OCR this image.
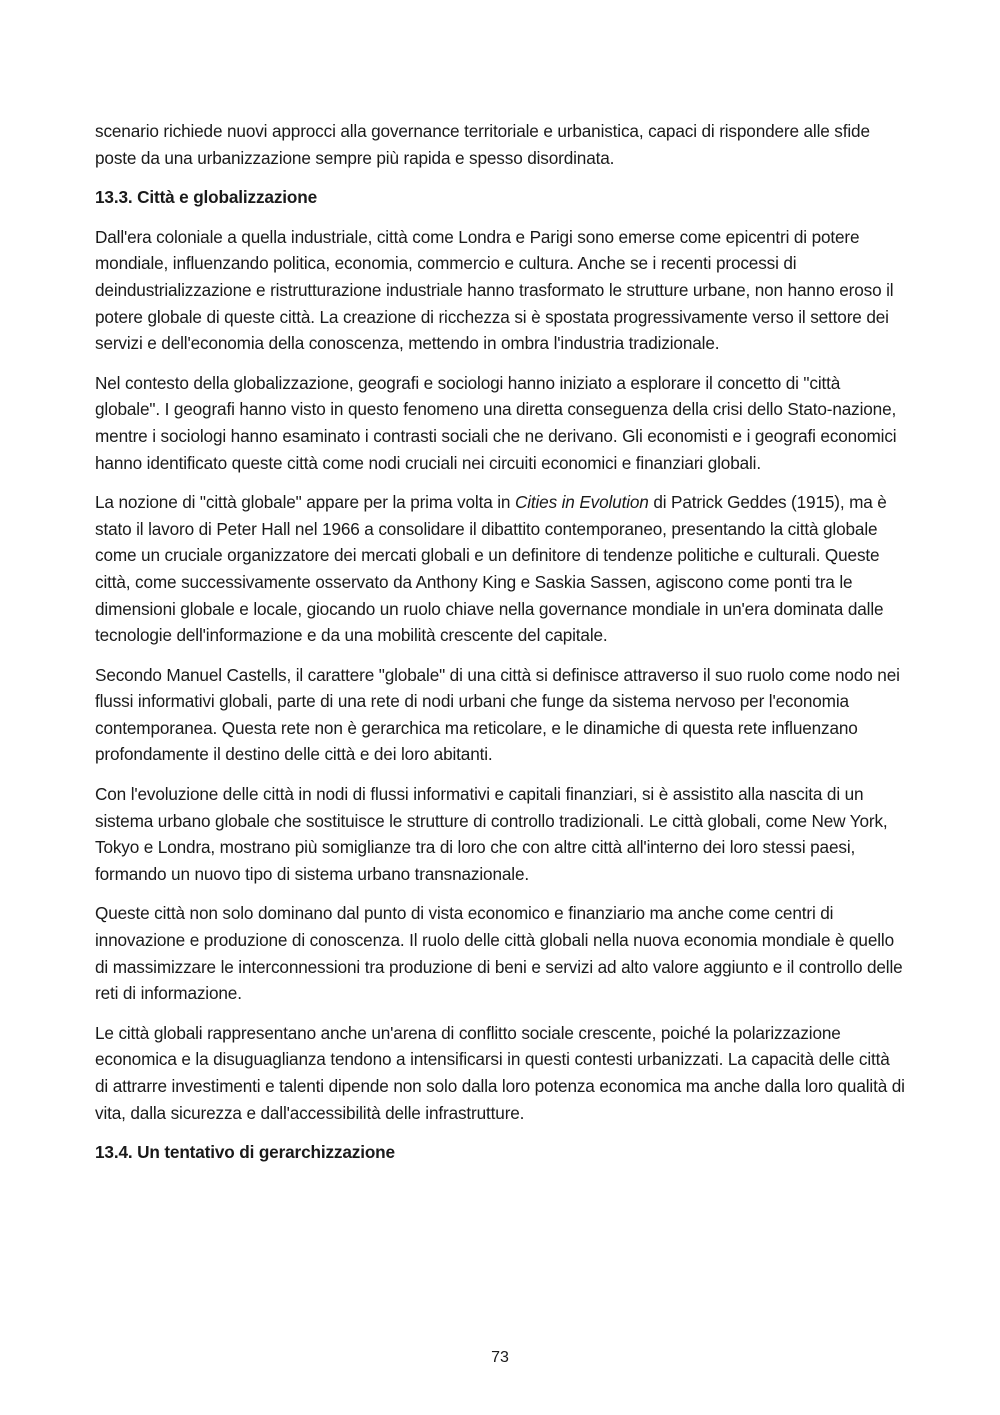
scenario richiede nuovi approcci alla governance territoriale e urbanistica, capaci di rispondere alle sfide poste da una urbanizzazione sempre più rapida e spesso disordinata.

13.3. Città e globalizzazione

Dall'era coloniale a quella industriale, città come Londra e Parigi sono emerse come epicentri di potere mondiale, influenzando politica, economia, commercio e cultura. Anche se i recenti processi di deindustrializzazione e ristrutturazione industriale hanno trasformato le strutture urbane, non hanno eroso il potere globale di queste città. La creazione di ricchezza si è spostata progressivamente verso il settore dei servizi e dell'economia della conoscenza, mettendo in ombra l'industria tradizionale.

Nel contesto della globalizzazione, geografi e sociologi hanno iniziato a esplorare il concetto di "città globale". I geografi hanno visto in questo fenomeno una diretta conseguenza della crisi dello Stato-nazione, mentre i sociologi hanno esaminato i contrasti sociali che ne derivano. Gli economisti e i geografi economici hanno identificato queste città come nodi cruciali nei circuiti economici e finanziari globali.

La nozione di "città globale" appare per la prima volta in Cities in Evolution di Patrick Geddes (1915), ma è stato il lavoro di Peter Hall nel 1966 a consolidare il dibattito contemporaneo, presentando la città globale come un cruciale organizzatore dei mercati globali e un definitore di tendenze politiche e culturali. Queste città, come successivamente osservato da Anthony King e Saskia Sassen, agiscono come ponti tra le dimensioni globale e locale, giocando un ruolo chiave nella governance mondiale in un'era dominata dalle tecnologie dell'informazione e da una mobilità crescente del capitale.

Secondo Manuel Castells, il carattere "globale" di una città si definisce attraverso il suo ruolo come nodo nei flussi informativi globali, parte di una rete di nodi urbani che funge da sistema nervoso per l'economia contemporanea. Questa rete non è gerarchica ma reticolare, e le dinamiche di questa rete influenzano profondamente il destino delle città e dei loro abitanti.

Con l'evoluzione delle città in nodi di flussi informativi e capitali finanziari, si è assistito alla nascita di un sistema urbano globale che sostituisce le strutture di controllo tradizionali. Le città globali, come New York, Tokyo e Londra, mostrano più somiglianze tra di loro che con altre città all'interno dei loro stessi paesi, formando un nuovo tipo di sistema urbano transnazionale.

Queste città non solo dominano dal punto di vista economico e finanziario ma anche come centri di innovazione e produzione di conoscenza. Il ruolo delle città globali nella nuova economia mondiale è quello di massimizzare le interconnessioni tra produzione di beni e servizi ad alto valore aggiunto e il controllo delle reti di informazione.

Le città globali rappresentano anche un'arena di conflitto sociale crescente, poiché la polarizzazione economica e la disuguaglianza tendono a intensificarsi in questi contesti urbanizzati. La capacità delle città di attrarre investimenti e talenti dipende non solo dalla loro potenza economica ma anche dalla loro qualità di vita, dalla sicurezza e dall'accessibilità delle infrastrutture.

13.4. Un tentativo di gerarchizzazione
73
